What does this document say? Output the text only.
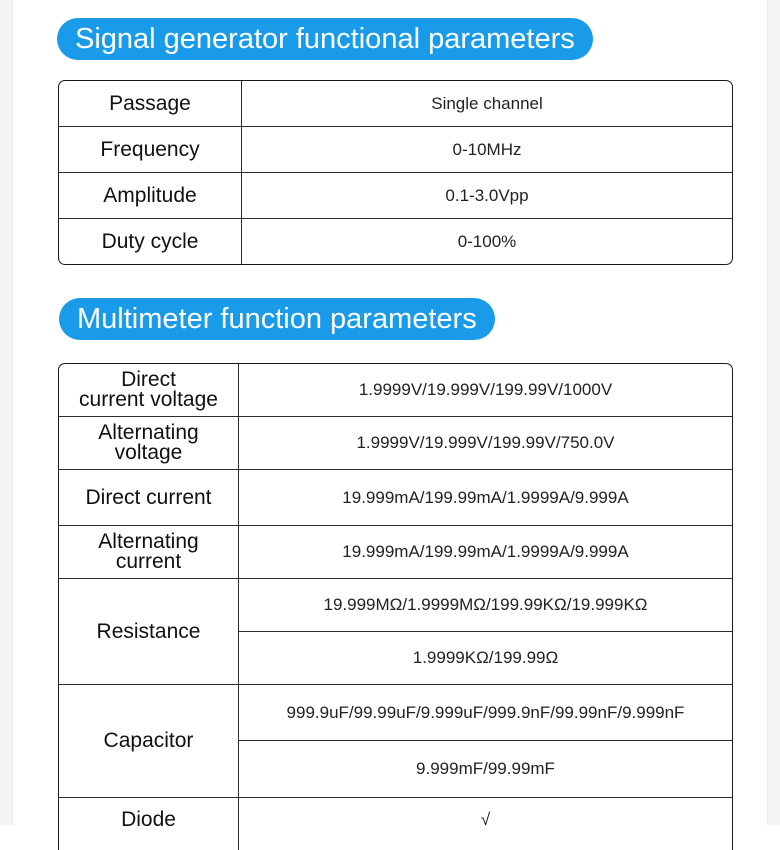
Signal generator functional parameters
Passage	Single channel
Frequency	0-10MHz
Amplitude	0.1-3.0Vpp
Duty cycle	0-100%
Multimeter function parameters
Direct
current voltage	1.9999V/19.999V/199.99V/1000V

Alternating
voltage	1.9999V/19.999V/199.99V/750.0V
Direct current	19.999mA/199.99mA/1.9999A/9.999A

Alternating
current	19.999mA/199.99mA/1.9999A/9.999A
Resistance	19.999MΩ/1.9999MΩ/199.99KΩ/19.999KΩ
	1.9999KΩ/199.99Ω
Capacitor	999.9uF/99.99uF/9.999uF/999.9nF/99.99nF/9.999nF
	9.999mF/99.99mF
Diode	√
